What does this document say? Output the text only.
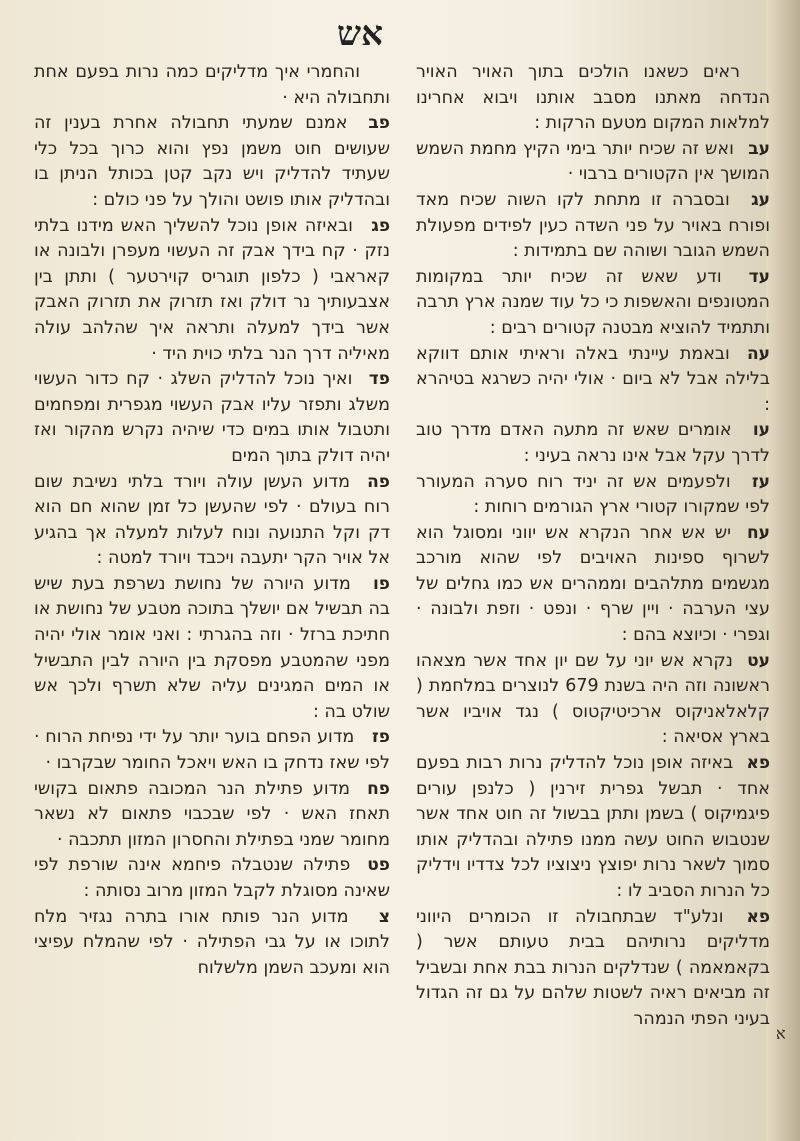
אש

ראים כשאנו הולכים בתוך האויר האויר הנדחה מאתנו מסבב אותנו ויבוא אחרינו למלאות המקום מטעם הרקות :

עב ואש זה שכיח יותר בימי הקיץ מחמת השמש המושך אין הקטורים ברבוי ·

עג ובסברה זו מתחת לקו השוה שכיח מאד ופורח באויר על פני השדה כעין לפידים מפעולת השמש הגובר ושוהה שם בתמידות :

עד ודע שאש זה שכיח יותר במקומות המטונפים והאשפות כי כל עוד שמנה ארץ תרבה ותתמיד להוציא מבטנה קטורים רבים :

עה ובאמת עיינתי באלה וראיתי אותם דווקא בלילה אבל לא ביום · אולי יהיה כשרגא בטיהרא :

עו אומרים שאש זה מתעה האדם מדרך טוב לדרך עקל אבל אינו נראה בעיני :

עז ולפעמים אש זה יניד רוח סערה המעורר לפי שמקורו קטורי ארץ הגורמים רוחות :

עח יש אש אחר הנקרא אש יווני ומסוגל הוא לשרוף ספינות האויבים לפי שהוא מורכב מגשמים מתלהבים וממהרים אש כמו גחלים של עצי הערבה · ויין שרף · ונפט · וזפת ולבונה · וגפרי · וכיוצא בהם :

עט נקרא אש יוני על שם יון אחד אשר מצאהו ראשונה וזה היה בשנת 679 לנוצרים במלחמת ( קלאלאניקוס ארכיטיקטוס ) נגד אויביו אשר בארץ אסיאה :

פא באיזה אופן נוכל להדליק נרות רבות בפעם אחד · תבשל גפרית זירנין ( כלנפן עורים פיגמיקוס ) בשמן ותתן בבשול זה חוט אחד אשר שנטבוש החוט עשה ממנו פתילה ובהדליק אותו סמוך לשאר נרות יפוצץ ניצוציו לכל צדדיו וידליק כל הנרות הסביב לו :

פא ונלע"ד שבתחבולה זו הכומרים היווני מדליקים נרותיהם בבית טעותם אשר ( בקאמאמה ) שנדלקים הנרות בבת אחת ובשביל זה מביאים ראיה לשטות שלהם על גם זה הגדול בעיני הפתי הנמהר

והחמרי איך מדליקים כמה נרות בפעם אחת ותחבולה היא ·

פב אמנם שמעתי תחבולה אחרת בענין זה שעושים חוט משמן נפץ והוא כרוך בכל כלי שעתיד להדליק ויש נקב קטן בכותל הניתן בו ובהדליק אותו פושט והולך על פני כולם :

פג ובאיזה אופן נוכל להשליך האש מידנו בלתי נזק · קח בידך אבק זה העשוי מעפרן ולבונה או קאראבי ( כלפון תוגריס קוירטער ) ותתן בין אצבעותיך נר דולק ואז תזרוק את תזרוק האבק אשר בידך למעלה ותראה איך שהלהב עולה מאיליה דרך הנר בלתי כוית היד ·

פד ואיך נוכל להדליק השלג · קח כדור העשוי משלג ותפזר עליו אבק העשוי מגפרית ומפחמים ותטבול אותו במים כדי שיהיה נקרש מהקור ואז יהיה דולק בתוך המים

פה מדוע העשן עולה ויורד בלתי נשיבת שום רוח בעולם · לפי שהעשן כל זמן שהוא חם הוא דק וקל התנועה ונוח לעלות למעלה אך בהגיע אל אויר הקר יתעבה ויכבד ויורד למטה :

פו מדוע היורה של נחושת נשרפת בעת שיש בה תבשיל אם יושלך בתוכה מטבע של נחושת או חתיכת ברזל · וזה בהגרתי : ואני אומר אולי יהיה מפני שהמטבע מפסקת בין היורה לבין התבשיל או המים המגינים עליה שלא תשרף ולכך אש שולט בה :

פז מדוע הפחם בוער יותר על ידי נפיחת הרוח · לפי שאז נדחק בו האש ויאכל החומר שבקרבו ·

פח מדוע פתילת הנר המכובה פתאום בקושי תאחז האש · לפי שבכבוי פתאום לא נשאר מחומר שמני בפתילת והחסרון המזון תתכבה ·

פט פתילה שנטבלה פיחמא אינה שורפת לפי שאינה מסוגלת לקבל המזון מרוב נסותה :

צ מדוע הנר פותח אורו בתרה נגזיר מלח לתוכו או על גבי הפתילה · לפי שהמלח עפיצי הוא ומעכב השמן מלשלוח

א
